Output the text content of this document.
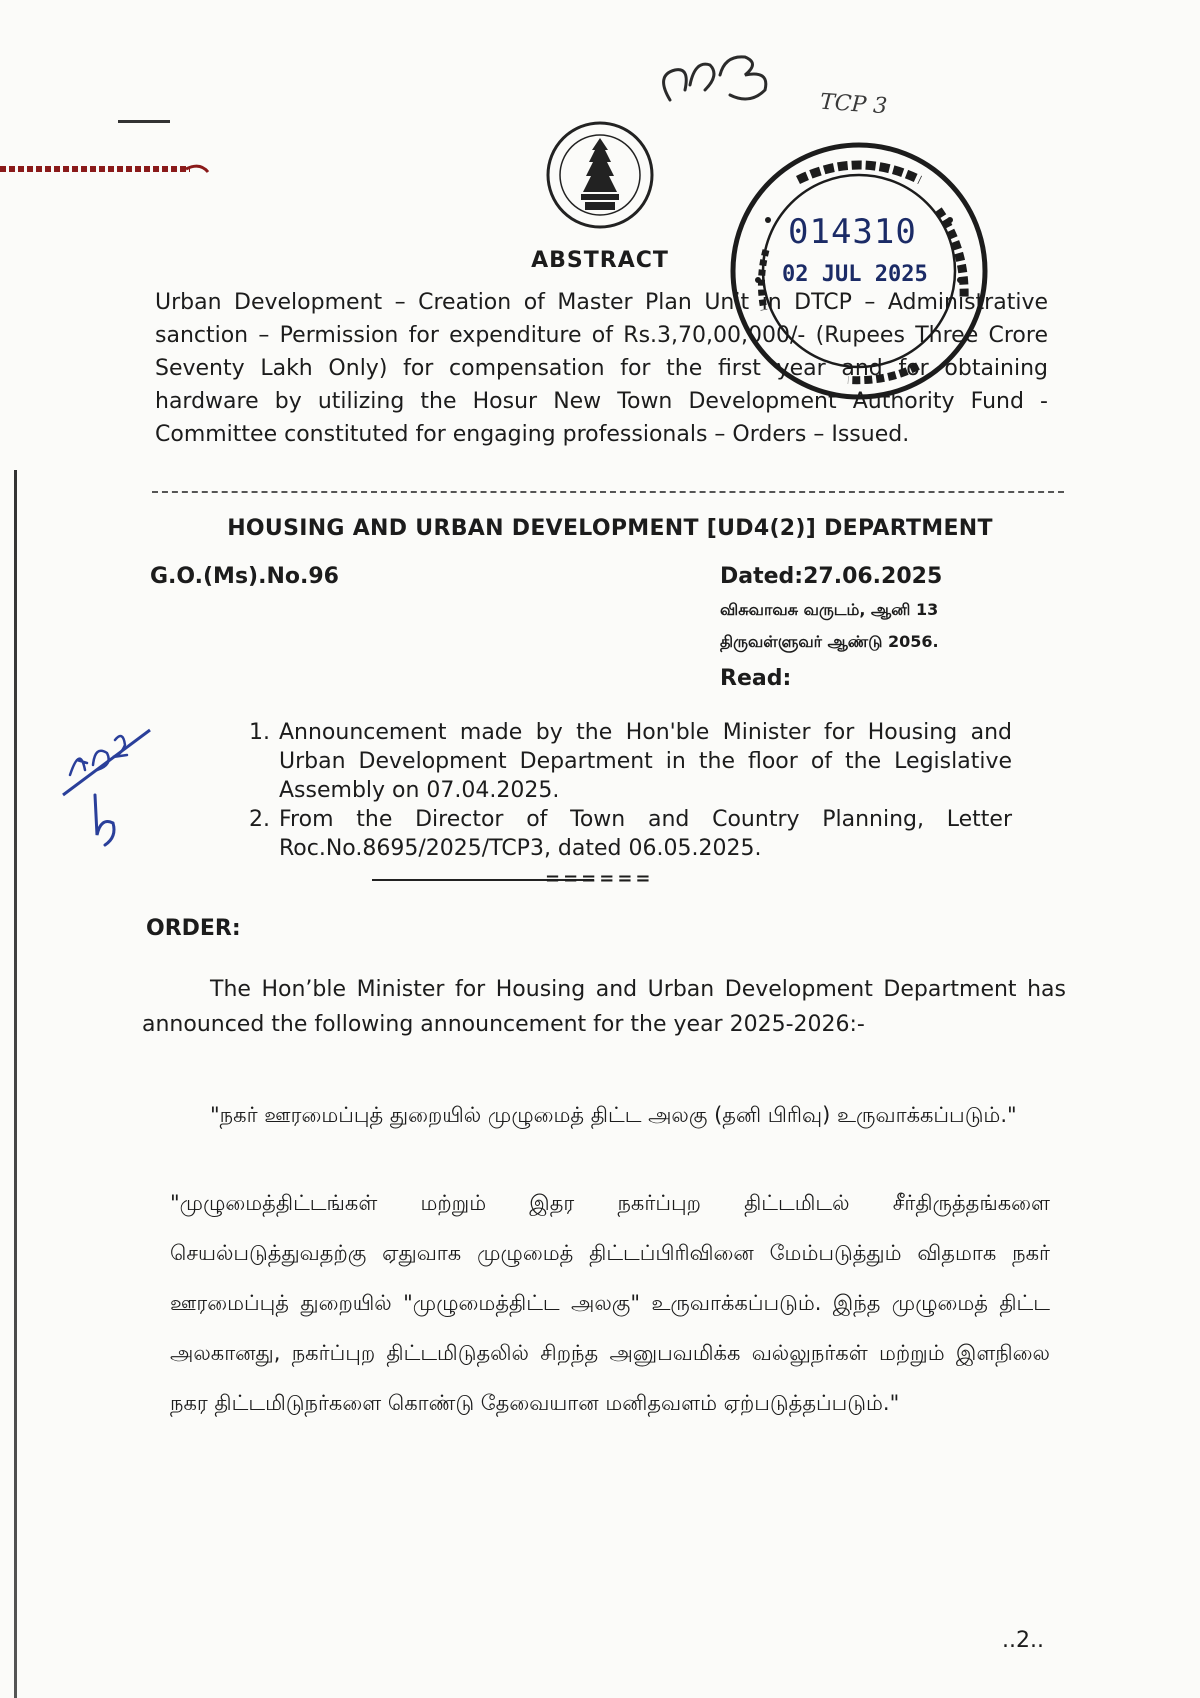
TCP 3
014310
02 JUL 2025
ABSTRACT
Urban Development – Creation of Master Plan Unit in DTCP – Administrative sanction – Permission for expenditure of Rs.3,70,00,000/- (Rupees Three Crore Seventy Lakh Only) for compensation for the first year and for obtaining hardware by utilizing the Hosur New Town Development Authority Fund - Committee constituted for engaging professionals – Orders – Issued.
HOUSING AND URBAN DEVELOPMENT [UD4(2)] DEPARTMENT
G.O.(Ms).No.96	Dated:27.06.2025
விசுவாவசு வருடம், ஆனி 13
திருவள்ளுவர் ஆண்டு 2056.
Read:
1. Announcement made by the Hon'ble Minister for Housing and Urban Development Department in the floor of the Legislative Assembly on 07.04.2025.
2. From the Director of Town and Country Planning, Letter Roc.No.8695/2025/TCP3, dated 06.05.2025.
======
ORDER:
The Hon’ble Minister for Housing and Urban Development Department has announced the following announcement for the year 2025-2026:-
"நகர் ஊரமைப்புத் துறையில் முழுமைத் திட்ட அலகு (தனி பிரிவு) உருவாக்கப்படும்."
"முழுமைத்திட்டங்கள் மற்றும் இதர நகர்ப்புற திட்டமிடல் சீர்திருத்தங்களை செயல்படுத்துவதற்கு ஏதுவாக முழுமைத் திட்டப்பிரிவினை மேம்படுத்தும் விதமாக நகர் ஊரமைப்புத் துறையில் "முழுமைத்திட்ட அலகு" உருவாக்கப்படும். இந்த முழுமைத் திட்ட அலகானது, நகர்ப்புற திட்டமிடுதலில் சிறந்த அனுபவமிக்க வல்லுநர்கள் மற்றும் இளநிலை நகர திட்டமிடுநர்களை கொண்டு தேவையான மனிதவளம் ஏற்படுத்தப்படும்."
..2..
